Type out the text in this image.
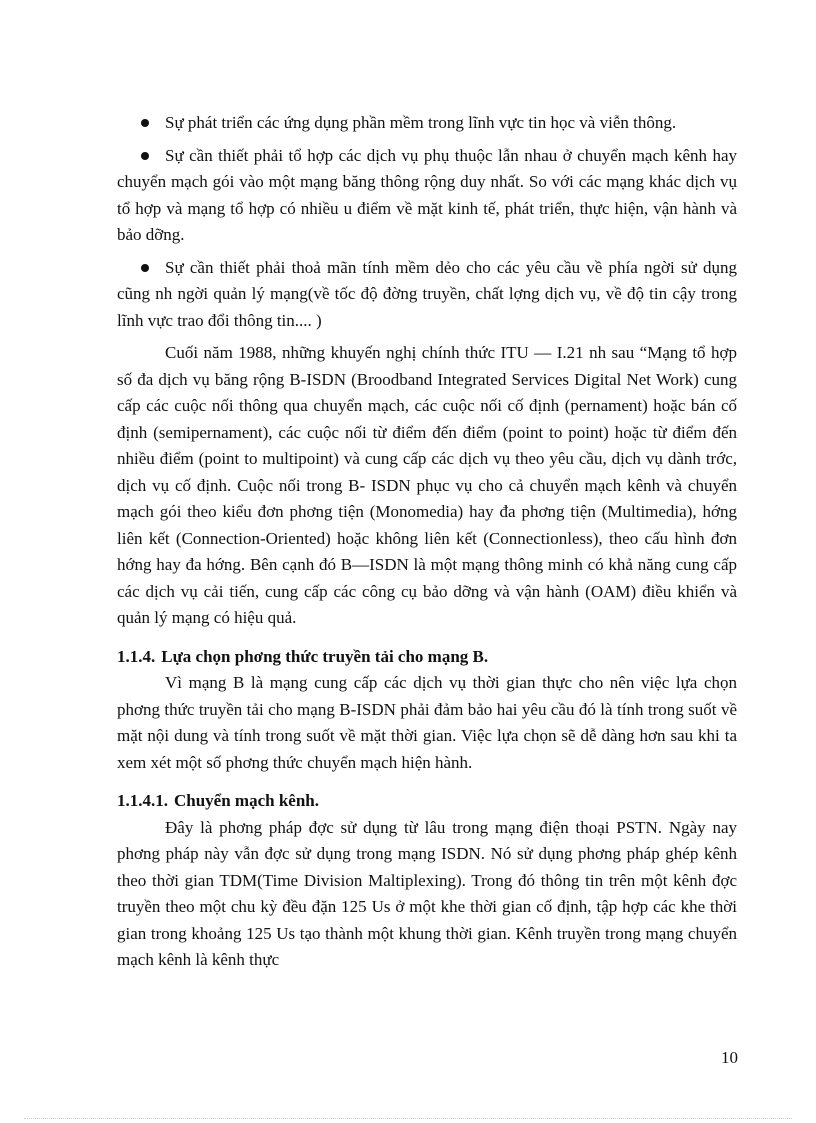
Sự phát triển các ứng dụng phần mềm trong lĩnh vực tin học và viễn thông.
Sự cần thiết phải tổ hợp các dịch vụ phụ thuộc lẫn nhau ở chuyển mạch kênh hay chuyển mạch gói vào một mạng băng thông rộng duy nhất. So với các mạng khác dịch vụ tổ hợp và mạng tổ hợp có nhiều u điểm về mặt kinh tế, phát triển, thực hiện, vận hành và bảo dỡng.
Sự cần thiết phải thoả mãn tính mềm dẻo cho các yêu cầu về phía ngời sử dụng cũng nh ngời quản lý mạng(về tốc độ đờng truyền, chất lợng dịch vụ, về độ tin cậy trong lĩnh vực trao đổi thông tin.... )

Cuối năm 1988, những khuyến nghị chính thức ITU — I.21 nh sau “Mạng tổ hợp số đa dịch vụ băng rộng B-ISDN (Broodband Integrated Services Digital Net Work) cung cấp các cuộc nối thông qua chuyển mạch, các cuộc nối cố định (pernament) hoặc bán cố định (semipernament), các cuộc nối từ điểm đến điểm (point to point) hoặc từ điểm đến nhiều điểm (point to multipoint) và cung cấp các dịch vụ theo yêu cầu, dịch vụ dành trớc, dịch vụ cố định. Cuộc nối trong B- ISDN phục vụ cho cả chuyển mạch kênh và chuyển mạch gói theo kiểu đơn phơng tiện (Monomedia) hay đa phơng tiện (Multimedia), hớng liên kết (Connection-Oriented) hoặc không liên kết (Connectionless), theo cấu hình đơn hớng hay đa hớng. Bên cạnh đó B—ISDN là một mạng thông minh có khả năng cung cấp các dịch vụ cải tiến, cung cấp các công cụ bảo dỡng và vận hành (OAM) điều khiển và quản lý mạng có hiệu quả.

1.1.4. Lựa chọn phơng thức truyền tải cho mạng B.

Vì mạng B là mạng cung cấp các dịch vụ thời gian thực cho nên việc lựa chọn phơng thức truyền tải cho mạng B-ISDN phải đảm bảo hai yêu cầu đó là tính trong suốt về mặt nội dung và tính trong suốt về mặt thời gian. Việc lựa chọn sẽ dễ dàng hơn sau khi ta xem xét một số phơng thức chuyển mạch hiện hành.

1.1.4.1. Chuyển mạch kênh.

Đây là phơng pháp đợc sử dụng từ lâu trong mạng điện thoại PSTN. Ngày nay phơng pháp này vẫn đợc sử dụng trong mạng ISDN. Nó sử dụng phơng pháp ghép kênh theo thời gian TDM(Time Division Maltiplexing). Trong đó thông tin trên một kênh đợc truyền theo một chu kỳ đều đặn 125 Us ở một khe thời gian cố định, tập hợp các khe thời gian trong khoảng 125 Us tạo thành một khung thời gian. Kênh truyền trong mạng chuyển mạch kênh là kênh thực

10
